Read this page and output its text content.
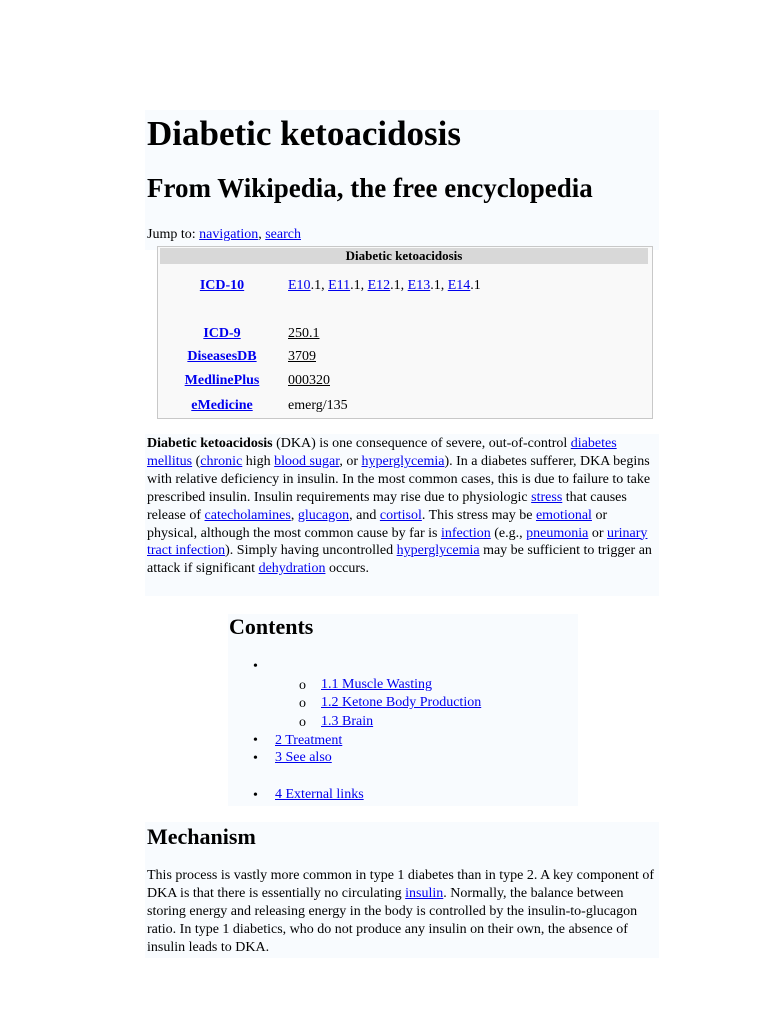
Diabetic ketoacidosis
From Wikipedia, the free encyclopedia
Jump to: navigation, search
Diabetic ketoacidosis
ICD-10	E10.1, E11.1, E12.1, E13.1, E14.1
ICD-9	250.1
DiseasesDB	3709
MedlinePlus	000320
eMedicine	emerg/135

Diabetic ketoacidosis (DKA) is one consequence of severe, out-of-control diabetes mellitus (chronic high blood sugar, or hyperglycemia). In a diabetes sufferer, DKA begins with relative deficiency in insulin. In the most common cases, this is due to failure to take prescribed insulin. Insulin requirements may rise due to physiologic stress that causes release of catecholamines, glucagon, and cortisol. This stress may be emotional or physical, although the most common cause by far is infection (e.g., pneumonia or urinary tract infection). Simply having uncontrolled hyperglycemia may be sufficient to trigger an attack if significant dehydration occurs.

Contents
•
o 1.1 Muscle Wasting
o 1.2 Ketone Body Production
o 1.3 Brain
• 2 Treatment
• 3 See also
• 4 External links
Mechanism

This process is vastly more common in type 1 diabetes than in type 2. A key component of DKA is that there is essentially no circulating insulin. Normally, the balance between storing energy and releasing energy in the body is controlled by the insulin-to-glucagon ratio. In type 1 diabetics, who do not produce any insulin on their own, the absence of insulin leads to DKA.
